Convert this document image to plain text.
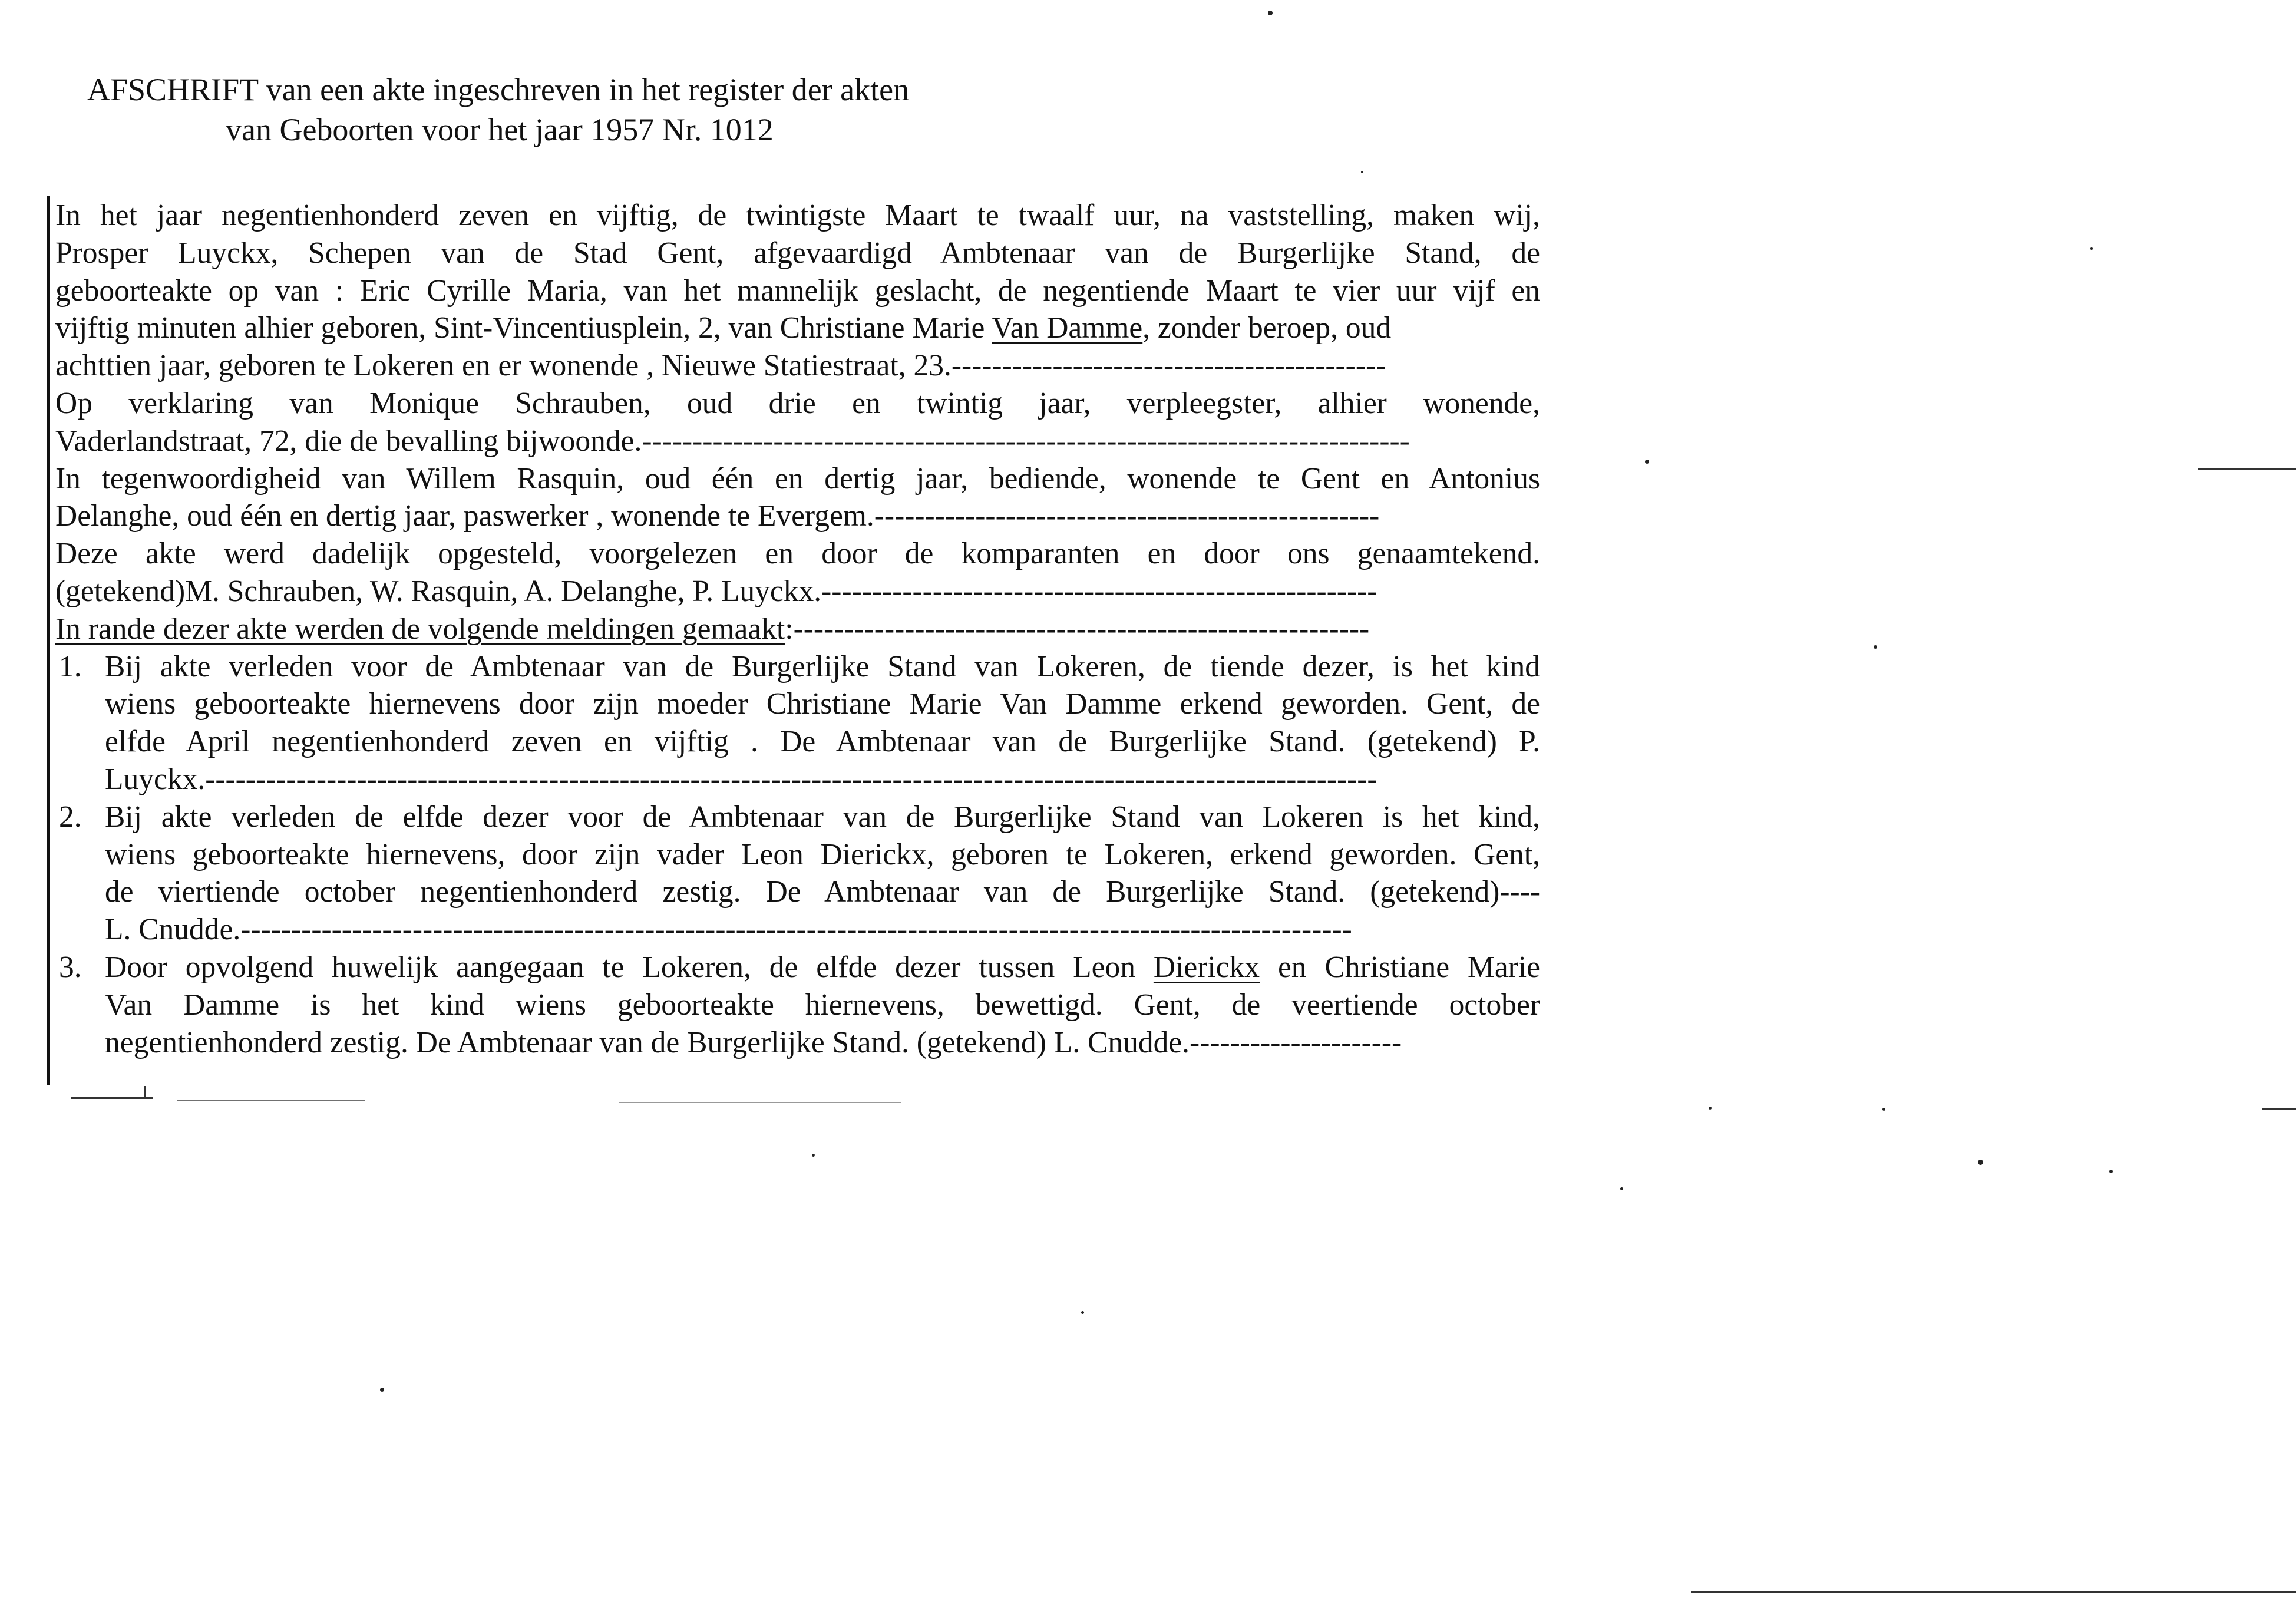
AFSCHRIFT van een akte ingeschreven in het register der akten
van Geboorten voor het jaar 1957 Nr. 1012
In het jaar negentienhonderd zeven en vijftig, de twintigste Maart te twaalf uur, na vaststelling, maken wij,
Prosper Luyckx, Schepen van de Stad Gent, afgevaardigd Ambtenaar van de Burgerlijke Stand, de
geboorteakte op van : Eric Cyrille Maria, van het mannelijk geslacht, de negentiende Maart te vier uur vijf en
vijftig minuten alhier geboren, Sint-Vincentiusplein, 2, van Christiane Marie Van Damme, zonder beroep, oud
achttien jaar, geboren te Lokeren en er wonende , Nieuwe Statiestraat, 23.-------------------------------------------
Op verklaring van Monique Schrauben, oud drie en twintig jaar, verpleegster, alhier wonende,
Vaderlandstraat, 72, die de bevalling bijwoonde.----------------------------------------------------------------------------
In tegenwoordigheid van Willem Rasquin, oud één en dertig jaar, bediende, wonende te Gent en Antonius
Delanghe, oud één en dertig jaar, paswerker , wonende te Evergem.--------------------------------------------------
Deze akte werd dadelijk opgesteld, voorgelezen en door de komparanten en door ons genaamtekend.
(getekend)M. Schrauben, W. Rasquin, A. Delanghe, P. Luyckx.-------------------------------------------------------
In rande dezer akte werden de volgende meldingen gemaakt:---------------------------------------------------------
1. Bij akte verleden voor de Ambtenaar van de Burgerlijke Stand van Lokeren, de tiende dezer, is het kind
wiens geboorteakte hiernevens door zijn moeder Christiane Marie Van Damme erkend geworden. Gent, de
elfde April negentienhonderd zeven en vijftig . De Ambtenaar van de Burgerlijke Stand. (getekend) P.
Luyckx.--------------------------------------------------------------------------------------------------------------------
2. Bij akte verleden de elfde dezer voor de Ambtenaar van de Burgerlijke Stand van Lokeren is het kind,
wiens geboorteakte hiernevens, door zijn vader Leon Dierickx, geboren te Lokeren, erkend geworden. Gent,
de viertiende october negentienhonderd zestig. De Ambtenaar van de Burgerlijke Stand. (getekend)----
L. Cnudde.--------------------------------------------------------------------------------------------------------------
3. Door opvolgend huwelijk aangegaan te Lokeren, de elfde dezer tussen Leon Dierickx en Christiane Marie
Van Damme is het kind wiens geboorteakte hiernevens, bewettigd. Gent, de veertiende october
negentienhonderd zestig. De Ambtenaar van de Burgerlijke Stand. (getekend) L. Cnudde.---------------------
